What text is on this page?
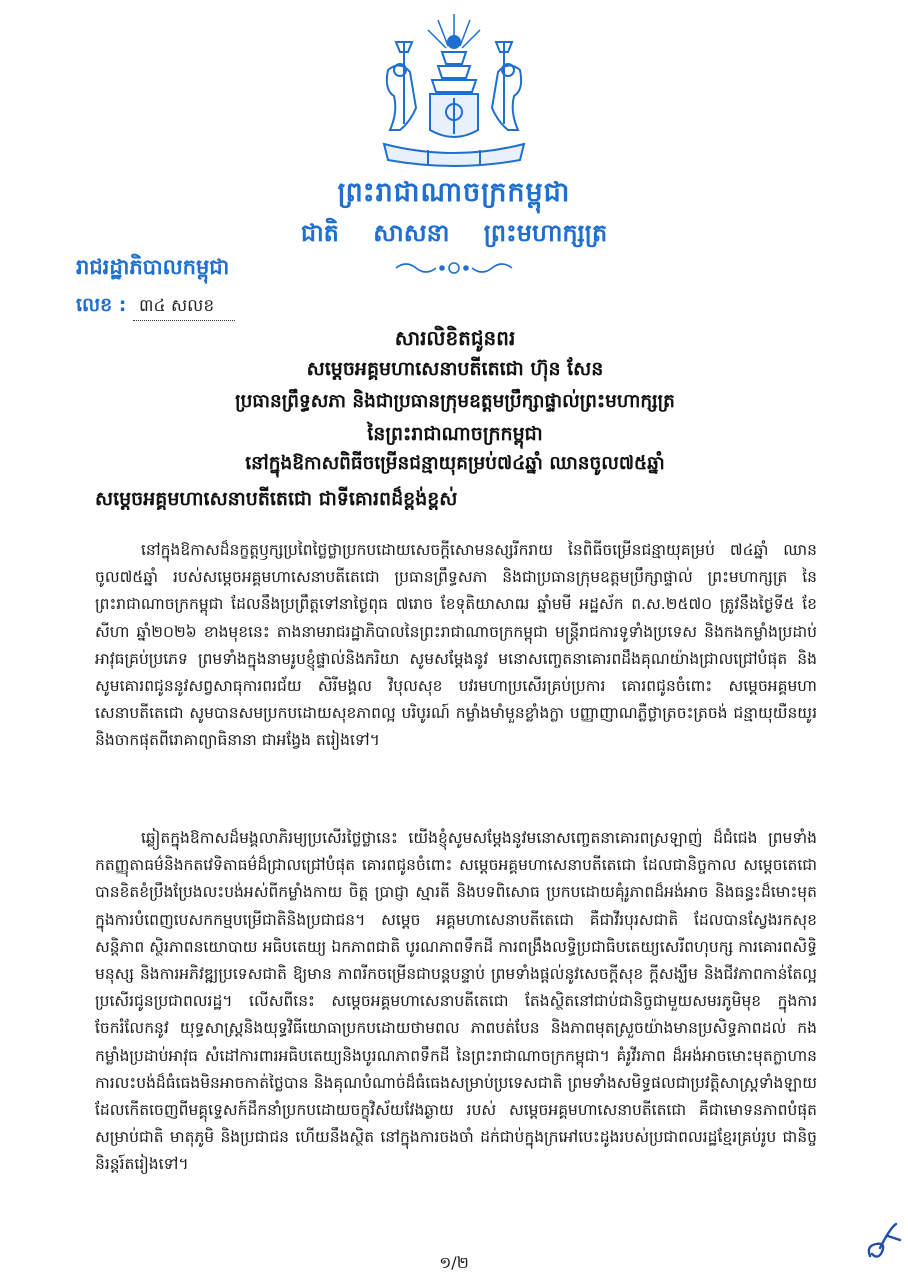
ព្រះរាជាណាចក្រកម្ពុជា
ជាតិ សាសនា ព្រះមហាក្សត្រ
រាជរដ្ឋាភិបាលកម្ពុជា
លេខ : ៣៤ សលខ
សារលិខិតជូនពរ
សម្តេចអគ្គមហាសេនាបតីតេជោ ហ៊ុន សែន
ប្រធានព្រឹទ្ធសភា និងជាប្រធានក្រុមឧត្តមប្រឹក្សាផ្ទាល់ព្រះមហាក្សត្រ
នៃព្រះរាជាណាចក្រកម្ពុជា
នៅក្នុងឱកាសពិធីចម្រើនជន្មាយុគម្រប់៧៤ឆ្នាំ ឈានចូល៧៥ឆ្នាំ
សម្តេចអគ្គមហាសេនាបតីតេជោ ជាទីគោរពដ៏ខ្ពង់ខ្ពស់
នៅក្នុងឱកាសដ៏នក្ខត្តឫក្សប្រពៃថ្លៃថ្លាប្រកបដោយសេចក្តីសោមនស្សរីករាយ នៃពិធីចម្រើនជន្មាយុគម្រប់ ៧៤ឆ្នាំ ឈានចូល៧៥ឆ្នាំ របស់សម្តេចអគ្គមហាសេនាបតីតេជោ ប្រធានព្រឹទ្ធសភា និងជាប្រធានក្រុមឧត្តមប្រឹក្សាផ្ទាល់ ព្រះមហាក្សត្រ នៃព្រះរាជាណាចក្រកម្ពុជា ដែលនឹងប្រព្រឹត្តទៅនាថ្ងៃពុធ ៧រោច ខែទុតិយាសាឍ ឆ្នាំមមី អដ្ឋស័ក ព.ស.២៥៧០ ត្រូវនឹងថ្ងៃទី៥ ខែសីហា ឆ្នាំ២០២៦ ខាងមុខនេះ តាងនាមរាជរដ្ឋាភិបាលនៃព្រះរាជាណាចក្រកម្ពុជា មន្ត្រីរាជការទូទាំងប្រទេស និងកងកម្លាំងប្រដាប់អាវុធគ្រប់ប្រភេទ ព្រមទាំងក្នុងនាមរូបខ្ញុំផ្ទាល់និងភរិយា សូមសម្តែងនូវ មនោសញ្ចេតនាគោរពដឹងគុណយ៉ាងជ្រាលជ្រៅបំផុត និងសូមគោរពជូននូវសព្វសាធុការពរជ័យ សិរីមង្គល វិបុលសុខ បវរមហាប្រសើរគ្រប់ប្រការ គោរពជូនចំពោះ សម្តេចអគ្គមហាសេនាបតីតេជោ សូមបានសមប្រកបដោយសុខភាពល្អ បរិបូរណ៍ កម្លាំងមាំមួនខ្លាំងក្លា បញ្ញាញាណភ្លឺថ្លាត្រចះត្រចង់ ជន្មាយុយឺនយូរ និងចាកផុតពីរោគាព្យាធិនានា ជាអង្វែង តរៀងទៅ។
ឆ្លៀតក្នុងឱកាសដ៏មង្គលាភិរម្យប្រសើរថ្លៃថ្លានេះ យើងខ្ញុំសូមសម្តែងនូវមនោសញ្ចេតនាគោរពស្រឡាញ់ ដ៏ជំជេង ព្រមទាំងកតញ្ញុតាធម៌និងកតវេទិតាធម៌ដ៏ជ្រាលជ្រៅបំផុត គោរពជូនចំពោះ សម្តេចអគ្គមហាសេនាបតីតេជោ ដែលជានិច្ចកាល សម្តេចតេជោ បានខិតខំប្រឹងប្រែងលះបង់អស់ពីកម្លាំងកាយ ចិត្ត ប្រាជ្ញា ស្មារតី និងបទពិសោធ ប្រកបដោយគុំរូភាពដ៏អង់អាច និងធន្ធះដ៏មោះមុត ក្នុងការបំពេញបេសកកម្មបម្រើជាតិនិងប្រជាជន។ សម្តេច អគ្គមហាសេនាបតីតេជោ គឺជាវីរបុរសជាតិ ដែលបានស្វែងរកសុខសន្តិភាព ស្ថិរភាពនយោបាយ អធិបតេយ្យ ឯកភាពជាតិ បូរណភាពទឹកដី ការពង្រឹងលទ្ធិប្រជាធិបតេយ្យសេរីពហុបក្ស ការគោរពសិទ្ធិមនុស្ស និងការអភិវឌ្ឍប្រទេសជាតិ ឱ្យមាន ភាពរីកចម្រើនជាបន្តបន្ទាប់ ព្រមទាំងផ្តល់នូវសេចក្តីសុខ ក្តីសង្ឃឹម និងជីវភាពកាន់តែល្អប្រសើរជូនប្រជាពលរដ្ឋ។ លើសពីនេះ សម្តេចអគ្គមហាសេនាបតីតេជោ តែងស្ថិតនៅជាប់ជានិច្ចជាមួយសមរភូមិមុខ ក្នុងការចែករំលែកនូវ យុទ្ធសាស្ត្រនិងយុទ្ធវិធីយោធាប្រកបដោយថាមពល ភាពបត់បែន និងភាពមុតស្រួចយ៉ាងមានប្រសិទ្ធភាពដល់ កងកម្លាំងប្រដាប់អាវុធ សំដៅការពារអធិបតេយ្យនិងបូរណភាពទឹកដី នៃព្រះរាជាណាចក្រកម្ពុជា។ គំរូវីរភាព ដ៏អង់អាចមោះមុតក្លាហាន ការលះបង់ដ៏ធំធេងមិនអាចកាត់ថ្លៃបាន និងគុណបំណាច់ដ៏ធំធេងសម្រាប់ប្រទេសជាតិ ព្រមទាំងសមិទ្ធផលជាប្រវត្តិសាស្ត្រទាំងឡាយ ដែលកើតចេញពីមគ្គុទ្ទេសក៍ដឹកនាំប្រកបដោយចក្ខុវិស័យវែងឆ្ងាយ របស់ សម្តេចអគ្គមហាសេនាបតីតេជោ គឺជាមោទនភាពបំផុតសម្រាប់ជាតិ មាតុភូមិ និងប្រជាជន ហើយនឹងស្ថិត នៅក្នុងការចងចាំ ដក់ជាប់ក្នុងក្រអៅបេះដូងរបស់ប្រជាពលរដ្ឋខ្មែរគ្រប់រូប ជានិច្ចនិរន្តរ៍តរៀងទៅ។
១/២
